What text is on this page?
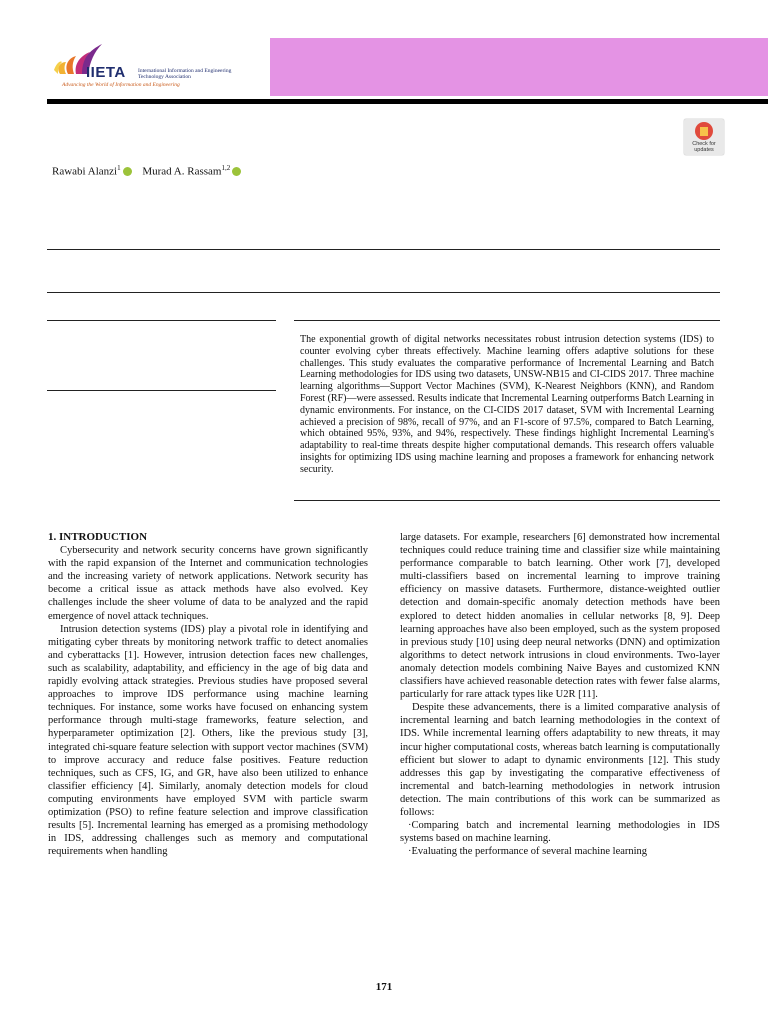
IIETA International Information and Engineering Technology Association
Advancing the World of Information and Engineering
Check for updates
Rawabi Alanzi$^1$ Murad A. Rassam$^{1,2}$
The exponential growth of digital networks necessitates robust intrusion detection systems (IDS) to counter evolving cyber threats effectively. Machine learning offers adaptive solutions for these challenges. This study evaluates the comparative performance of Incremental Learning and Batch Learning methodologies for IDS using two datasets, UNSW-NB15 and CI-CIDS 2017. Three machine learning algorithms—Support Vector Machines (SVM), K-Nearest Neighbors (KNN), and Random Forest (RF)—were assessed. Results indicate that Incremental Learning outperforms Batch Learning in dynamic environments. For instance, on the CI-CIDS 2017 dataset, SVM with Incremental Learning achieved a precision of 98%, recall of 97%, and an F1-score of 97.5%, compared to Batch Learning, which obtained 95%, 93%, and 94%, respectively. These findings highlight Incremental Learning's adaptability to real-time threats despite higher computational demands. This research offers valuable insights for optimizing IDS using machine learning and proposes a framework for enhancing network security.

1. INTRODUCTION

Cybersecurity and network security concerns have grown significantly with the rapid expansion of the Internet and communication technologies and the increasing variety of network applications. Network security has become a critical issue as attack methods have also evolved. Key challenges include the sheer volume of data to be analyzed and the rapid emergence of novel attack techniques.

Intrusion detection systems (IDS) play a pivotal role in identifying and mitigating cyber threats by monitoring network traffic to detect anomalies and cyberattacks [1]. However, intrusion detection faces new challenges, such as scalability, adaptability, and efficiency in the age of big data and rapidly evolving attack strategies. Previous studies have proposed several approaches to improve IDS performance using machine learning techniques. For instance, some works have focused on enhancing system performance through multi-stage frameworks, feature selection, and hyperparameter optimization [2]. Others, like the previous study [3], integrated chi-square feature selection with support vector machines (SVM) to improve accuracy and reduce false positives. Feature reduction techniques, such as CFS, IG, and GR, have also been utilized to enhance classifier efficiency [4]. Similarly, anomaly detection models for cloud computing environments have employed SVM with particle swarm optimization (PSO) to refine feature selection and improve classification results [5]. Incremental learning has emerged as a promising methodology in IDS, addressing challenges such as memory and computational requirements when handling

large datasets. For example, researchers [6] demonstrated how incremental techniques could reduce training time and classifier size while maintaining performance comparable to batch learning. Other work [7], developed multi-classifiers based on incremental learning to improve training efficiency on massive datasets. Furthermore, distance-weighted outlier detection and domain-specific anomaly detection methods have been explored to detect hidden anomalies in cellular networks [8, 9]. Deep learning approaches have also been employed, such as the system proposed in previous study [10] using deep neural networks (DNN) and optimization algorithms to detect network intrusions in cloud environments. Two-layer anomaly detection models combining Naive Bayes and customized KNN classifiers have achieved reasonable detection rates with fewer false alarms, particularly for rare attack types like U2R [11].

Despite these advancements, there is a limited comparative analysis of incremental learning and batch learning methodologies in the context of IDS. While incremental learning offers adaptability to new threats, it may incur higher computational costs, whereas batch learning is computationally efficient but slower to adapt to dynamic environments [12]. This study addresses this gap by investigating the comparative effectiveness of incremental and batch-learning methodologies in network intrusion detection. The main contributions of this work can be summarized as follows:

·Comparing batch and incremental learning methodologies in IDS systems based on machine learning.

·Evaluating the performance of several machine learning

171
